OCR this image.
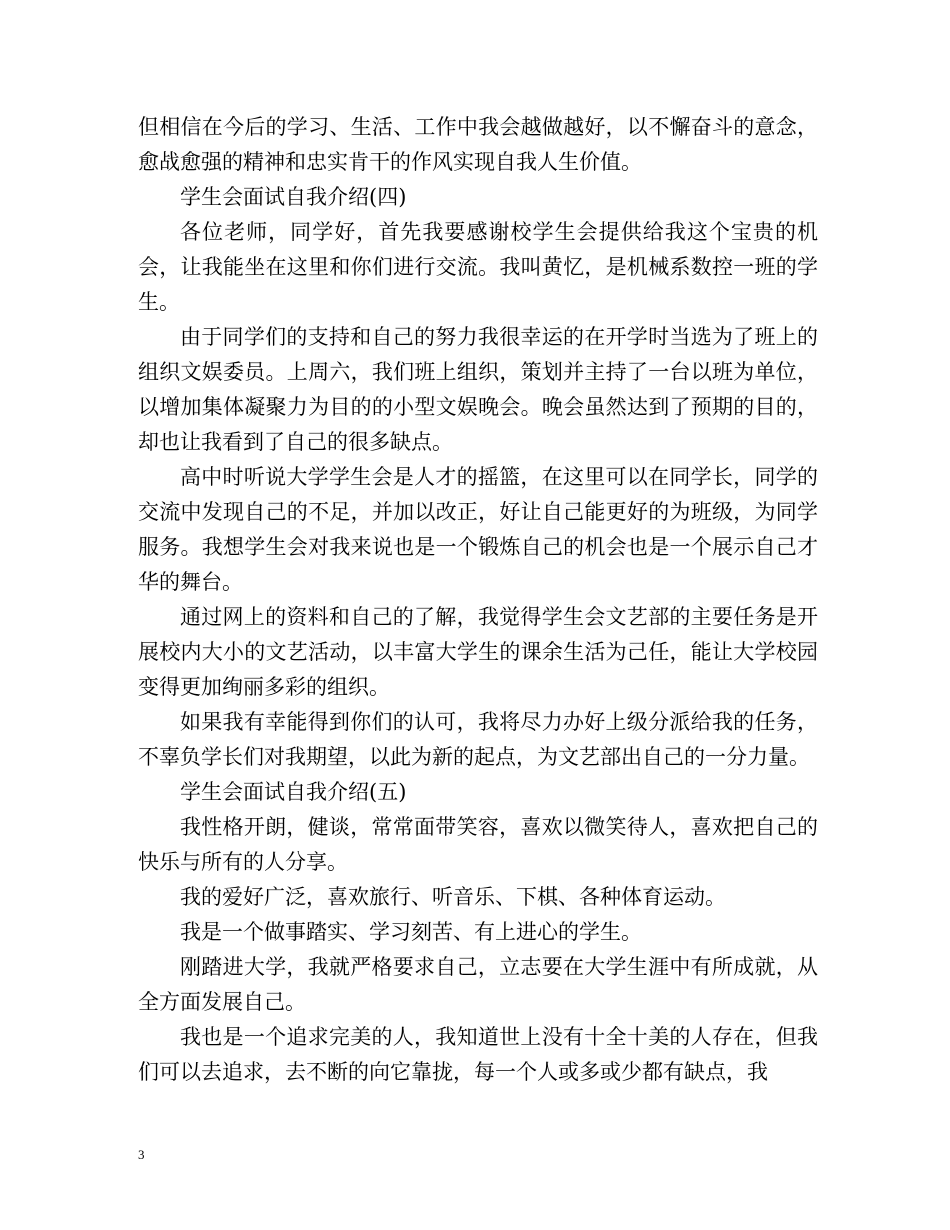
但相信在今后的学习、生活、工作中我会越做越好，以不懈奋斗的意念，愈战愈强的精神和忠实肯干的作风实现自我人生价值。

学生会面试自我介绍(四)

各位老师，同学好，首先我要感谢校学生会提供给我这个宝贵的机会，让我能坐在这里和你们进行交流。我叫黄忆，是机械系数控一班的学生。

由于同学们的支持和自己的努力我很幸运的在开学时当选为了班上的组织文娱委员。上周六，我们班上组织，策划并主持了一台以班为单位，以增加集体凝聚力为目的的小型文娱晚会。晚会虽然达到了预期的目的，却也让我看到了自己的很多缺点。

高中时听说大学学生会是人才的摇篮，在这里可以在同学长，同学的交流中发现自己的不足，并加以改正，好让自己能更好的为班级，为同学服务。我想学生会对我来说也是一个锻炼自己的机会也是一个展示自己才华的舞台。

通过网上的资料和自己的了解，我觉得学生会文艺部的主要任务是开展校内大小的文艺活动，以丰富大学生的课余生活为己任，能让大学校园变得更加绚丽多彩的组织。

如果我有幸能得到你们的认可，我将尽力办好上级分派给我的任务，不辜负学长们对我期望，以此为新的起点，为文艺部出自己的一分力量。

学生会面试自我介绍(五)

我性格开朗，健谈，常常面带笑容，喜欢以微笑待人，喜欢把自己的快乐与所有的人分享。

我的爱好广泛，喜欢旅行、听音乐、下棋、各种体育运动。

我是一个做事踏实、学习刻苦、有上进心的学生。

刚踏进大学，我就严格要求自己，立志要在大学生涯中有所成就，从全方面发展自己。

我也是一个追求完美的人，我知道世上没有十全十美的人存在，但我们可以去追求，去不断的向它靠拢，每一个人或多或少都有缺点，我

3
